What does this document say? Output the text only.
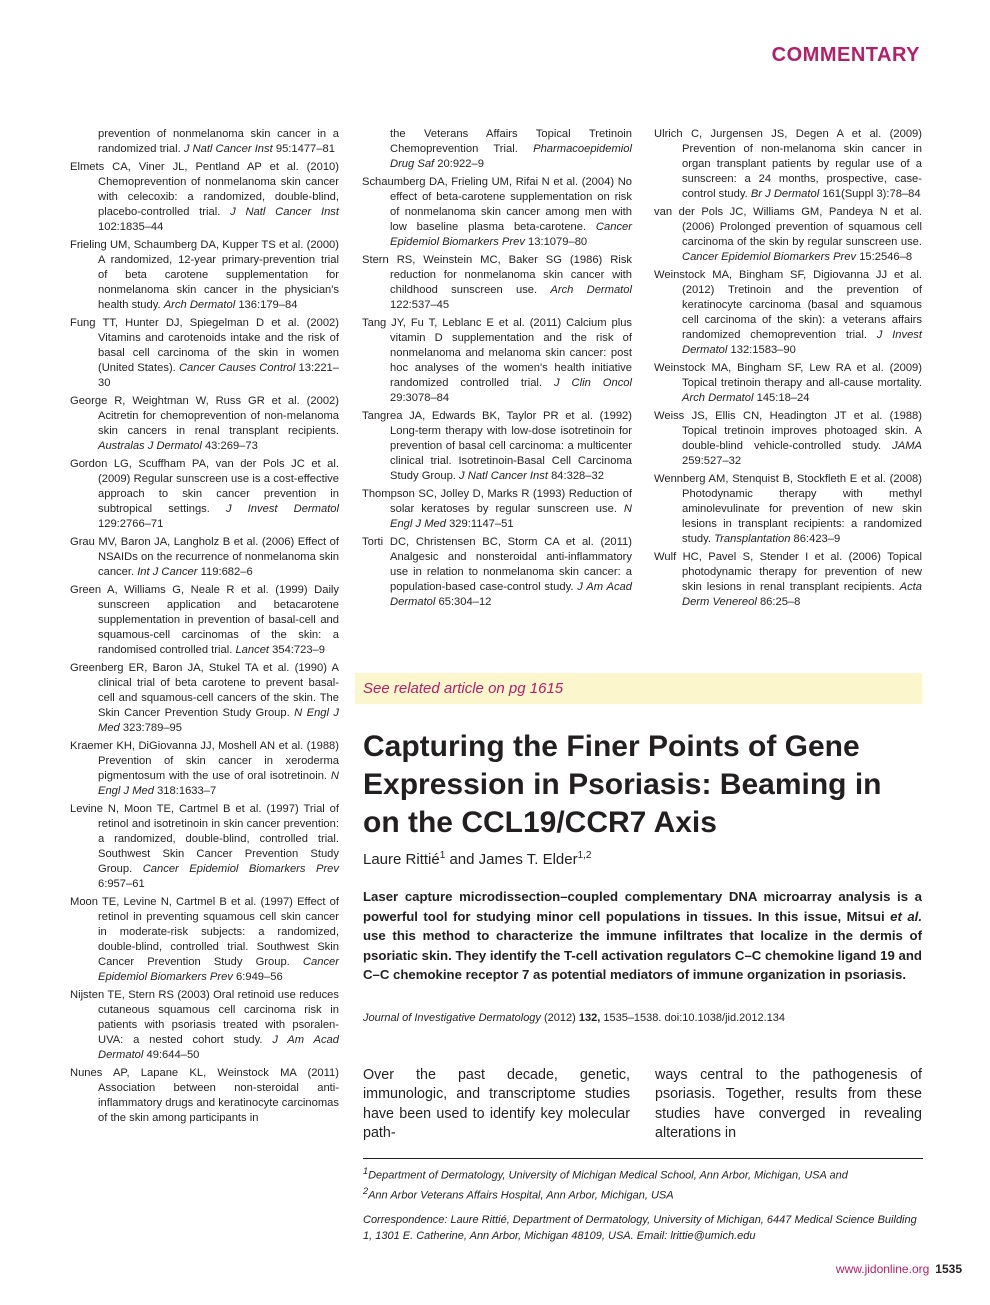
COMMENTARY
prevention of nonmelanoma skin cancer in a randomized trial. J Natl Cancer Inst 95:1477–81
Elmets CA, Viner JL, Pentland AP et al. (2010) Chemoprevention of nonmelanoma skin cancer with celecoxib: a randomized, double-blind, placebo-controlled trial. J Natl Cancer Inst 102:1835–44
Frieling UM, Schaumberg DA, Kupper TS et al. (2000) A randomized, 12-year primary-prevention trial of beta carotene supplementation for nonmelanoma skin cancer in the physician's health study. Arch Dermatol 136:179–84
Fung TT, Hunter DJ, Spiegelman D et al. (2002) Vitamins and carotenoids intake and the risk of basal cell carcinoma of the skin in women (United States). Cancer Causes Control 13:221–30
George R, Weightman W, Russ GR et al. (2002) Acitretin for chemoprevention of non-melanoma skin cancers in renal transplant recipients. Australas J Dermatol 43:269–73
Gordon LG, Scuffham PA, van der Pols JC et al. (2009) Regular sunscreen use is a cost-effective approach to skin cancer prevention in subtropical settings. J Invest Dermatol 129:2766–71
Grau MV, Baron JA, Langholz B et al. (2006) Effect of NSAIDs on the recurrence of nonmelanoma skin cancer. Int J Cancer 119:682–6
Green A, Williams G, Neale R et al. (1999) Daily sunscreen application and betacarotene supplementation in prevention of basal-cell and squamous-cell carcinomas of the skin: a randomised controlled trial. Lancet 354:723–9
Greenberg ER, Baron JA, Stukel TA et al. (1990) A clinical trial of beta carotene to prevent basal-cell and squamous-cell cancers of the skin. The Skin Cancer Prevention Study Group. N Engl J Med 323:789–95
Kraemer KH, DiGiovanna JJ, Moshell AN et al. (1988) Prevention of skin cancer in xeroderma pigmentosum with the use of oral isotretinoin. N Engl J Med 318:1633–7
Levine N, Moon TE, Cartmel B et al. (1997) Trial of retinol and isotretinoin in skin cancer prevention: a randomized, double-blind, controlled trial. Southwest Skin Cancer Prevention Study Group. Cancer Epidemiol Biomarkers Prev 6:957–61
Moon TE, Levine N, Cartmel B et al. (1997) Effect of retinol in preventing squamous cell skin cancer in moderate-risk subjects: a randomized, double-blind, controlled trial. Southwest Skin Cancer Prevention Study Group. Cancer Epidemiol Biomarkers Prev 6:949–56
Nijsten TE, Stern RS (2003) Oral retinoid use reduces cutaneous squamous cell carcinoma risk in patients with psoriasis treated with psoralen-UVA: a nested cohort study. J Am Acad Dermatol 49:644–50
Nunes AP, Lapane KL, Weinstock MA (2011) Association between non-steroidal anti-inflammatory drugs and keratinocyte carcinomas of the skin among participants in
the Veterans Affairs Topical Tretinoin Chemoprevention Trial. Pharmacoepidemiol Drug Saf 20:922–9
Schaumberg DA, Frieling UM, Rifai N et al. (2004) No effect of beta-carotene supplementation on risk of nonmelanoma skin cancer among men with low baseline plasma beta-carotene. Cancer Epidemiol Biomarkers Prev 13:1079–80
Stern RS, Weinstein MC, Baker SG (1986) Risk reduction for nonmelanoma skin cancer with childhood sunscreen use. Arch Dermatol 122:537–45
Tang JY, Fu T, Leblanc E et al. (2011) Calcium plus vitamin D supplementation and the risk of nonmelanoma and melanoma skin cancer: post hoc analyses of the women's health initiative randomized controlled trial. J Clin Oncol 29:3078–84
Tangrea JA, Edwards BK, Taylor PR et al. (1992) Long-term therapy with low-dose isotretinoin for prevention of basal cell carcinoma: a multicenter clinical trial. Isotretinoin-Basal Cell Carcinoma Study Group. J Natl Cancer Inst 84:328–32
Thompson SC, Jolley D, Marks R (1993) Reduction of solar keratoses by regular sunscreen use. N Engl J Med 329:1147–51
Torti DC, Christensen BC, Storm CA et al. (2011) Analgesic and nonsteroidal anti-inflammatory use in relation to nonmelanoma skin cancer: a population-based case-control study. J Am Acad Dermatol 65:304–12
Ulrich C, Jurgensen JS, Degen A et al. (2009) Prevention of non-melanoma skin cancer in organ transplant patients by regular use of a sunscreen: a 24 months, prospective, case-control study. Br J Dermatol 161(Suppl 3):78–84
van der Pols JC, Williams GM, Pandeya N et al. (2006) Prolonged prevention of squamous cell carcinoma of the skin by regular sunscreen use. Cancer Epidemiol Biomarkers Prev 15:2546–8
Weinstock MA, Bingham SF, Digiovanna JJ et al. (2012) Tretinoin and the prevention of keratinocyte carcinoma (basal and squamous cell carcinoma of the skin): a veterans affairs randomized chemoprevention trial. J Invest Dermatol 132:1583–90
Weinstock MA, Bingham SF, Lew RA et al. (2009) Topical tretinoin therapy and all-cause mortality. Arch Dermatol 145:18–24
Weiss JS, Ellis CN, Headington JT et al. (1988) Topical tretinoin improves photoaged skin. A double-blind vehicle-controlled study. JAMA 259:527–32
Wennberg AM, Stenquist B, Stockfleth E et al. (2008) Photodynamic therapy with methyl aminolevulinate for prevention of new skin lesions in transplant recipients: a randomized study. Transplantation 86:423–9
Wulf HC, Pavel S, Stender I et al. (2006) Topical photodynamic therapy for prevention of new skin lesions in renal transplant recipients. Acta Derm Venereol 86:25–8
See related article on pg 1615
Capturing the Finer Points of Gene Expression in Psoriasis: Beaming in on the CCL19/CCR7 Axis
Laure Rittié$^1$ and James T. Elder$^{1,2}$
Laser capture microdissection–coupled complementary DNA microarray analysis is a powerful tool for studying minor cell populations in tissues. In this issue, Mitsui et al. use this method to characterize the immune infiltrates that localize in the dermis of psoriatic skin. They identify the T-cell activation regulators C–C chemokine ligand 19 and C–C chemokine receptor 7 as potential mediators of immune organization in psoriasis.
Journal of Investigative Dermatology (2012) 132, 1535–1538. doi:10.1038/jid.2012.134
Over the past decade, genetic, immunologic, and transcriptome studies have been used to identify key molecular path-
ways central to the pathogenesis of psoriasis. Together, results from these studies have converged in revealing alterations in

$^1$Department of Dermatology, University of Michigan Medical School, Ann Arbor, Michigan, USA and

$^2$Ann Arbor Veterans Affairs Hospital, Ann Arbor, Michigan, USA

Correspondence: Laure Rittié, Department of Dermatology, University of Michigan, 6447 Medical Science Building 1, 1301 E. Catherine, Ann Arbor, Michigan 48109, USA. Email: lrittie@umich.edu

www.jidonline.org 1535
